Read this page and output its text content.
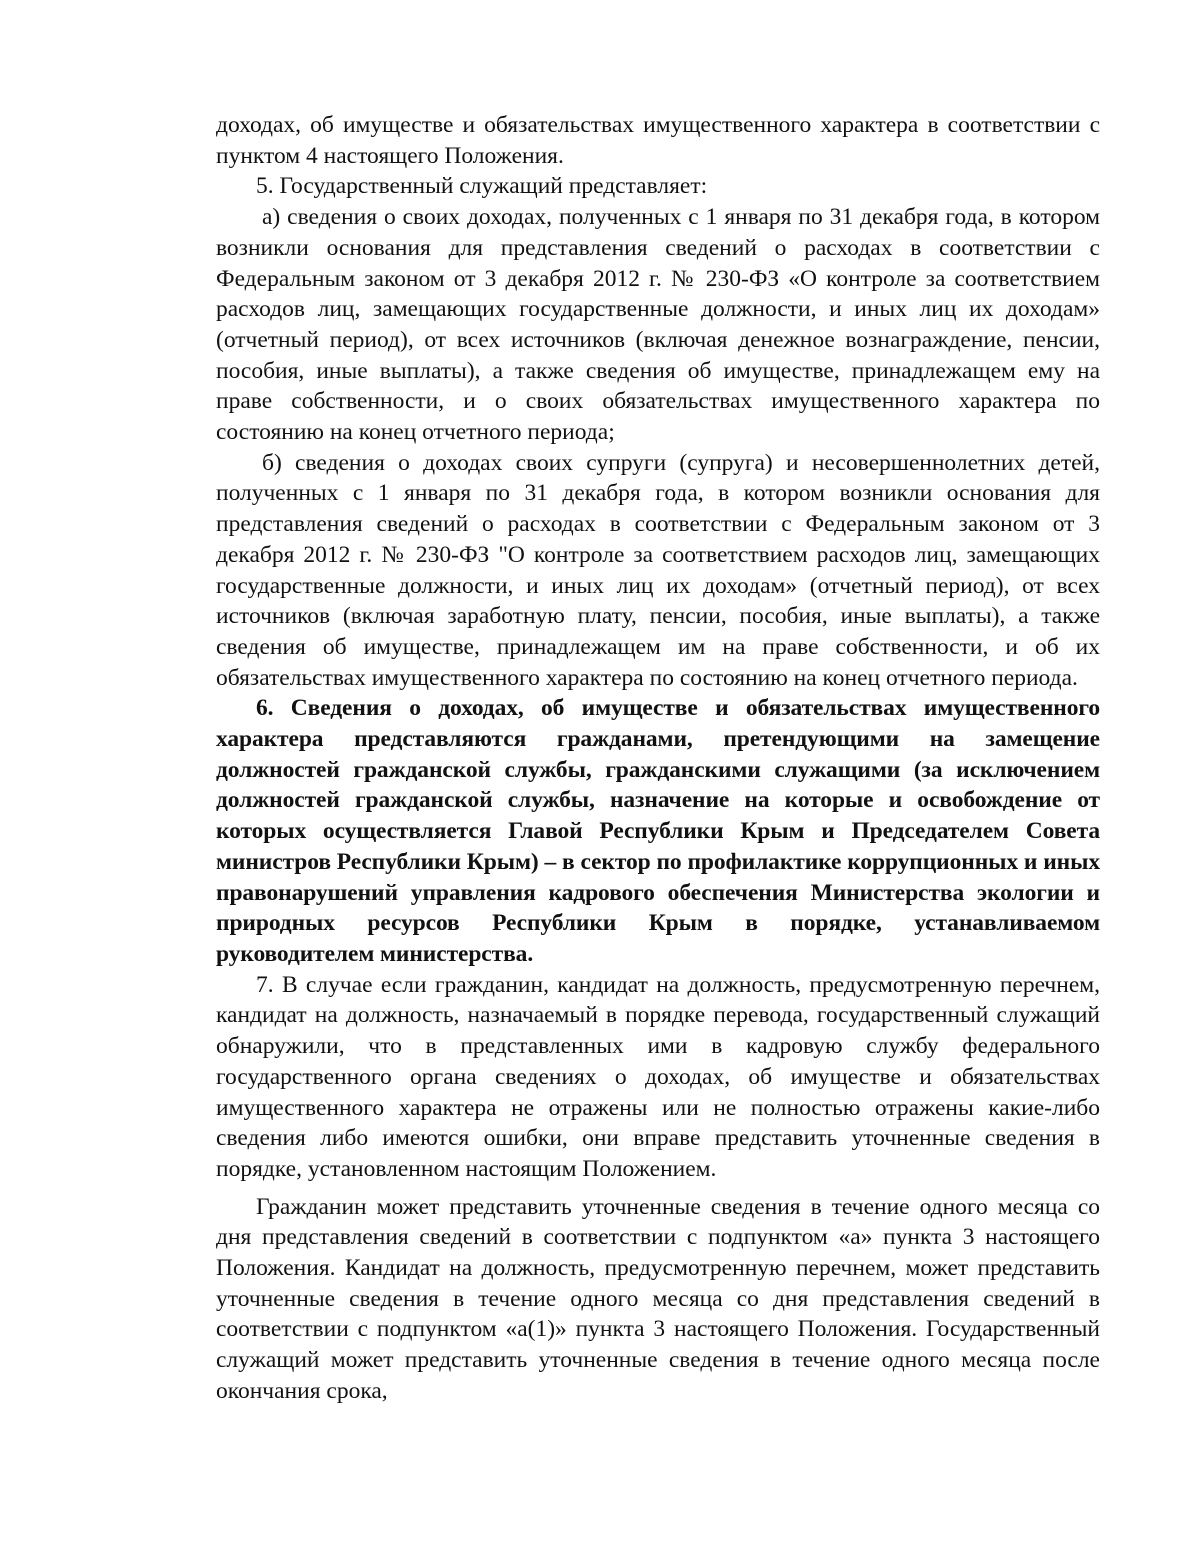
доходах, об имуществе и обязательствах имущественного характера в соответствии с пунктом 4 настоящего Положения.

5. Государственный служащий представляет:

а) сведения о своих доходах, полученных с 1 января по 31 декабря года, в котором возникли основания для представления сведений о расходах в соответствии с Федеральным законом от 3 декабря 2012 г. № 230-ФЗ «О контроле за соответствием расходов лиц, замещающих государственные должности, и иных лиц их доходам» (отчетный период), от всех источников (включая денежное вознаграждение, пенсии, пособия, иные выплаты), а также сведения об имуществе, принадлежащем ему на праве собственности, и о своих обязательствах имущественного характера по состоянию на конец отчетного периода;

б) сведения о доходах своих супруги (супруга) и несовершеннолетних детей, полученных с 1 января по 31 декабря года, в котором возникли основания для представления сведений о расходах в соответствии с Федеральным законом от 3 декабря 2012 г. № 230-ФЗ "О контроле за соответствием расходов лиц, замещающих государственные должности, и иных лиц их доходам» (отчетный период), от всех источников (включая заработную плату, пенсии, пособия, иные выплаты), а также сведения об имуществе, принадлежащем им на праве собственности, и об их обязательствах имущественного характера по состоянию на конец отчетного периода.

6. Сведения о доходах, об имуществе и обязательствах имущественного характера представляются гражданами, претендующими на замещение должностей гражданской службы, гражданскими служащими (за исключением должностей гражданской службы, назначение на которые и освобождение от которых осуществляется Главой Республики Крым и Председателем Совета министров Республики Крым) – в сектор по профилактике коррупционных и иных правонарушений управления кадрового обеспечения Министерства экологии и природных ресурсов Республики Крым в порядке, устанавливаемом руководителем министерства.

7. В случае если гражданин, кандидат на должность, предусмотренную перечнем, кандидат на должность, назначаемый в порядке перевода, государственный служащий обнаружили, что в представленных ими в кадровую службу федерального государственного органа сведениях о доходах, об имуществе и обязательствах имущественного характера не отражены или не полностью отражены какие-либо сведения либо имеются ошибки, они вправе представить уточненные сведения в порядке, установленном настоящим Положением.

Гражданин может представить уточненные сведения в течение одного месяца со дня представления сведений в соответствии с подпунктом «а» пункта 3 настоящего Положения. Кандидат на должность, предусмотренную перечнем, может представить уточненные сведения в течение одного месяца со дня представления сведений в соответствии с подпунктом «а(1)» пункта 3 настоящего Положения. Государственный служащий может представить уточненные сведения в течение одного месяца после окончания срока,
